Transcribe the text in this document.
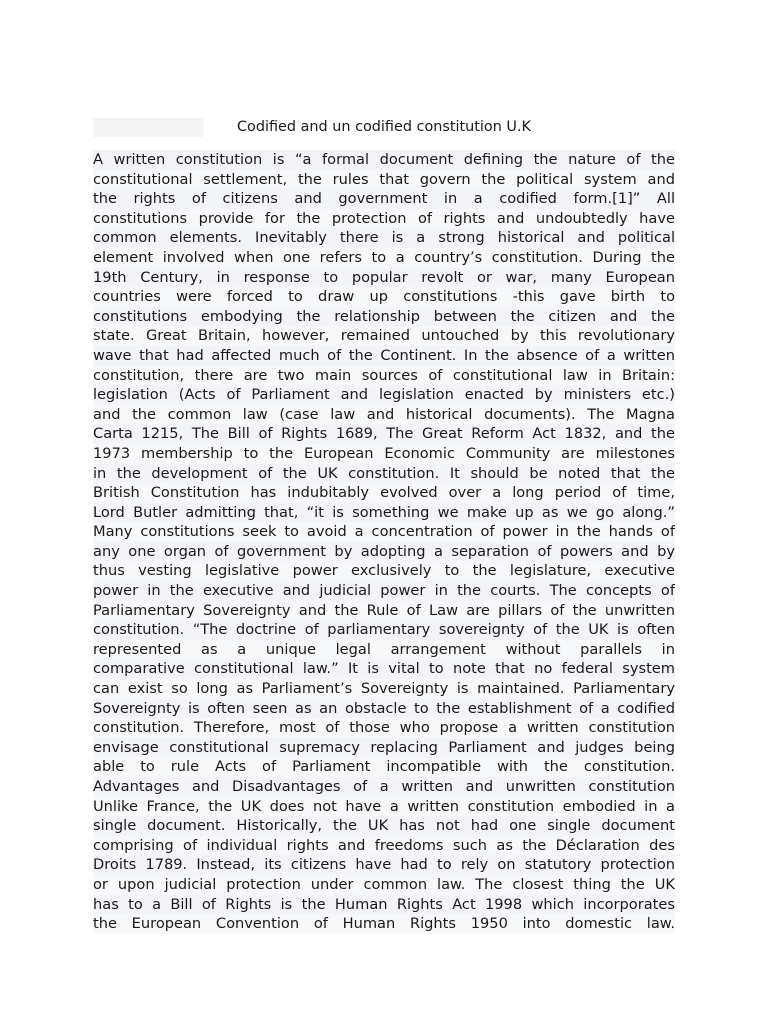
Codified and un codified constitution U.K
A written constitution is “a formal document defining the nature of the
constitutional settlement, the rules that govern the political system and
the rights of citizens and government in a codified form.[1]” All
constitutions provide for the protection of rights and undoubtedly have
common elements. Inevitably there is a strong historical and political
element involved when one refers to a country’s constitution. During the
19th Century, in response to popular revolt or war, many European
countries were forced to draw up constitutions -this gave birth to
constitutions embodying the relationship between the citizen and the
state. Great Britain, however, remained untouched by this revolutionary
wave that had affected much of the Continent. In the absence of a written
constitution, there are two main sources of constitutional law in Britain:
legislation (Acts of Parliament and legislation enacted by ministers etc.)
and the common law (case law and historical documents). The Magna
Carta 1215, The Bill of Rights 1689, The Great Reform Act 1832, and the
1973 membership to the European Economic Community are milestones
in the development of the UK constitution. It should be noted that the
British Constitution has indubitably evolved over a long period of time,
Lord Butler admitting that, “it is something we make up as we go along.”
Many constitutions seek to avoid a concentration of power in the hands of
any one organ of government by adopting a separation of powers and by
thus vesting legislative power exclusively to the legislature, executive
power in the executive and judicial power in the courts. The concepts of
Parliamentary Sovereignty and the Rule of Law are pillars of the unwritten
constitution. “The doctrine of parliamentary sovereignty of the UK is often
represented as a unique legal arrangement without parallels in
comparative constitutional law.” It is vital to note that no federal system
can exist so long as Parliament’s Sovereignty is maintained. Parliamentary
Sovereignty is often seen as an obstacle to the establishment of a codified
constitution. Therefore, most of those who propose a written constitution
envisage constitutional supremacy replacing Parliament and judges being
able to rule Acts of Parliament incompatible with the constitution.
Advantages and Disadvantages of a written and unwritten constitution
Unlike France, the UK does not have a written constitution embodied in a
single document. Historically, the UK has not had one single document
comprising of individual rights and freedoms such as the Déclaration des
Droits 1789. Instead, its citizens have had to rely on statutory protection
or upon judicial protection under common law. The closest thing the UK
has to a Bill of Rights is the Human Rights Act 1998 which incorporates
the European Convention of Human Rights 1950 into domestic law.
